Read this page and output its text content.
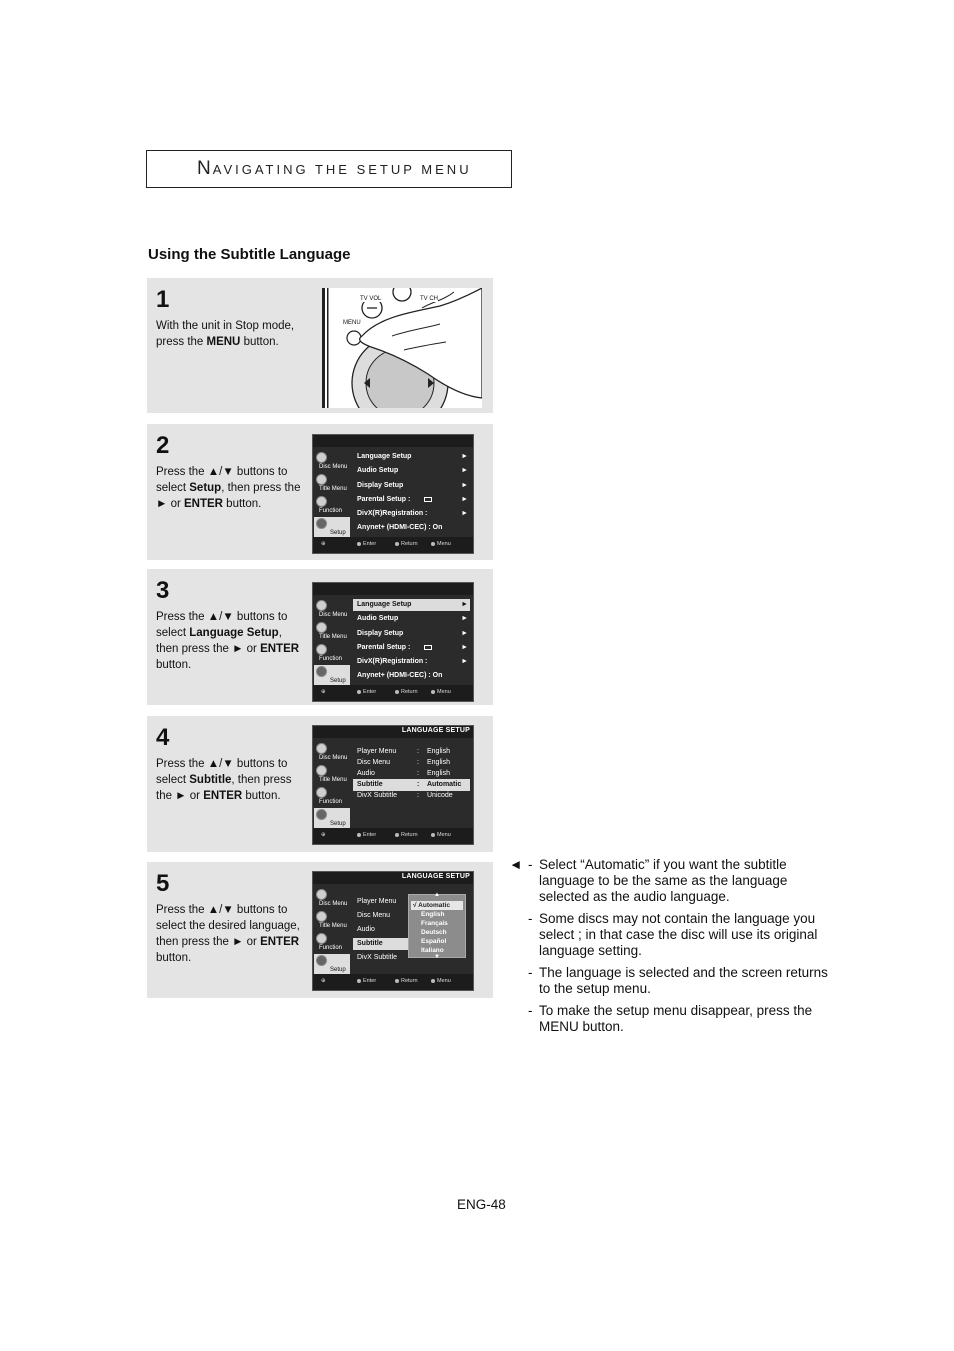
N AVIGATING THE SETUP MENU
Using the Subtitle Language
1
With the unit in Stop mode, press the MENU button.
TV VOL	TV CH
MENU
2
Press the ▲/▼ buttons to select Setup, then press the ► or ENTER button.
Disc Menu
Title Menu
Function
Setup
Language Setup	►
Audio Setup	►
Display Setup	►
Parental Setup :	►
DivX(R)Registration :	►
Anynet+ (HDMI-CEC) : On
⊕	Enter	Return	Menu
3
Press the ▲/▼ buttons to select Language Setup, then press the ► or ENTER button.
Disc Menu
Title Menu
Function
Setup
Language Setup	►
Audio Setup	►
Display Setup	►
Parental Setup :	►
DivX(R)Registration :	►
Anynet+ (HDMI-CEC) : On
⊕	Enter	Return	Menu
4
Press the ▲/▼ buttons to select Subtitle, then press the ► or ENTER button.
LANGUAGE SETUP
Disc Menu
Title Menu
Function
Setup
Player Menu	: English
Disc Menu	: English
Audio	: English
Subtitle	: Automatic
DivX Subtitle	: Unicode
⊕	Enter	Return	Menu
5
Press the ▲/▼ buttons to select the desired language, then press the ► or ENTER button.
LANGUAGE SETUP
Disc Menu
Title Menu
Function
Setup
Player Menu
Disc Menu
Audio
Subtitle
DivX Subtitle
▲
√ Automatic
English
Français
Deutsch
Español
Italiano
▼
⊕	Enter	Return	Menu
◄ - Select “Automatic” if you want the subtitle language to be the same as the language selected as the audio language.
- Some discs may not contain the language you select ; in that case the disc will use its original language setting.
- The language is selected and the screen returns to the setup menu.
- To make the setup menu disappear, press the MENU button.
ENG-48
